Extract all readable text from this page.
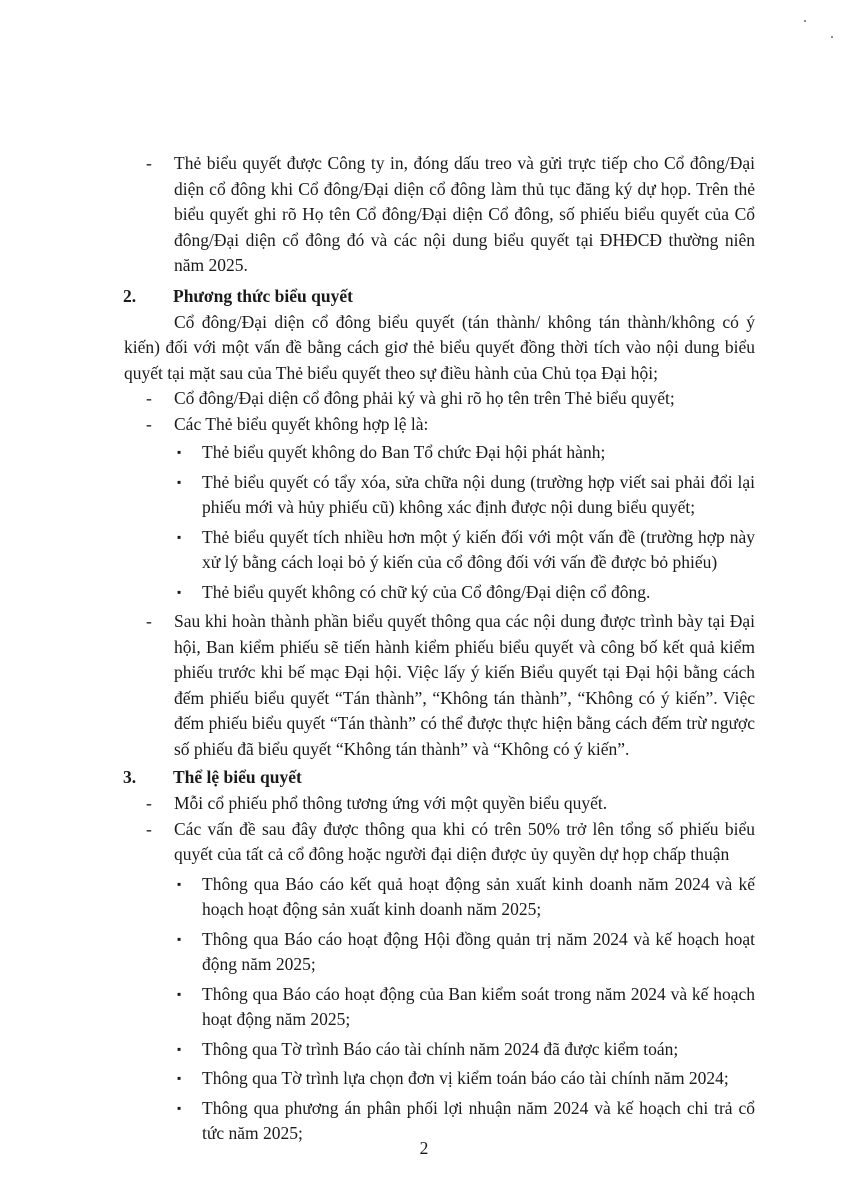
- Thẻ biểu quyết được Công ty in, đóng dấu treo và gửi trực tiếp cho Cổ đông/Đại diện cổ đông khi Cổ đông/Đại diện cổ đông làm thủ tục đăng ký dự họp. Trên thẻ biểu quyết ghi rõ Họ tên Cổ đông/Đại diện Cổ đông, số phiếu biểu quyết của Cổ đông/Đại diện cổ đông đó và các nội dung biểu quyết tại ĐHĐCĐ thường niên năm 2025.
2. Phương thức biểu quyết
Cổ đông/Đại diện cổ đông biểu quyết (tán thành/ không tán thành/không có ý kiến) đối với một vấn đề bằng cách giơ thẻ biểu quyết đồng thời tích vào nội dung biểu quyết tại mặt sau của Thẻ biểu quyết theo sự điều hành của Chủ tọa Đại hội;
- Cổ đông/Đại diện cổ đông phải ký và ghi rõ họ tên trên Thẻ biểu quyết;
- Các Thẻ biểu quyết không hợp lệ là:
▪ Thẻ biểu quyết không do Ban Tổ chức Đại hội phát hành;
▪ Thẻ biểu quyết có tẩy xóa, sửa chữa nội dung (trường hợp viết sai phải đổi lại phiếu mới và hủy phiếu cũ) không xác định được nội dung biểu quyết;
▪ Thẻ biểu quyết tích nhiều hơn một ý kiến đối với một vấn đề (trường hợp này xử lý bằng cách loại bỏ ý kiến của cổ đông đối với vấn đề được bỏ phiếu)
▪ Thẻ biểu quyết không có chữ ký của Cổ đông/Đại diện cổ đông.
- Sau khi hoàn thành phần biểu quyết thông qua các nội dung được trình bày tại Đại hội, Ban kiểm phiếu sẽ tiến hành kiểm phiếu biểu quyết và công bố kết quả kiểm phiếu trước khi bế mạc Đại hội. Việc lấy ý kiến Biểu quyết tại Đại hội bằng cách đếm phiếu biểu quyết “Tán thành”, “Không tán thành”, “Không có ý kiến”. Việc đếm phiếu biểu quyết “Tán thành” có thể được thực hiện bằng cách đếm trừ ngược số phiếu đã biểu quyết “Không tán thành” và “Không có ý kiến”.
3. Thể lệ biểu quyết
- Mỗi cổ phiếu phổ thông tương ứng với một quyền biểu quyết.
- Các vấn đề sau đây được thông qua khi có trên 50% trở lên tổng số phiếu biểu quyết của tất cả cổ đông hoặc người đại diện được ủy quyền dự họp chấp thuận
▪ Thông qua Báo cáo kết quả hoạt động sản xuất kinh doanh năm 2024 và kế hoạch hoạt động sản xuất kinh doanh năm 2025;
▪ Thông qua Báo cáo hoạt động Hội đồng quản trị năm 2024 và kế hoạch hoạt động năm 2025;
▪ Thông qua Báo cáo hoạt động của Ban kiểm soát trong năm 2024 và kế hoạch hoạt động năm 2025;
▪ Thông qua Tờ trình Báo cáo tài chính năm 2024 đã được kiểm toán;
▪ Thông qua Tờ trình lựa chọn đơn vị kiểm toán báo cáo tài chính năm 2024;
▪ Thông qua phương án phân phối lợi nhuận năm 2024 và kế hoạch chi trả cổ tức năm 2025;
2
